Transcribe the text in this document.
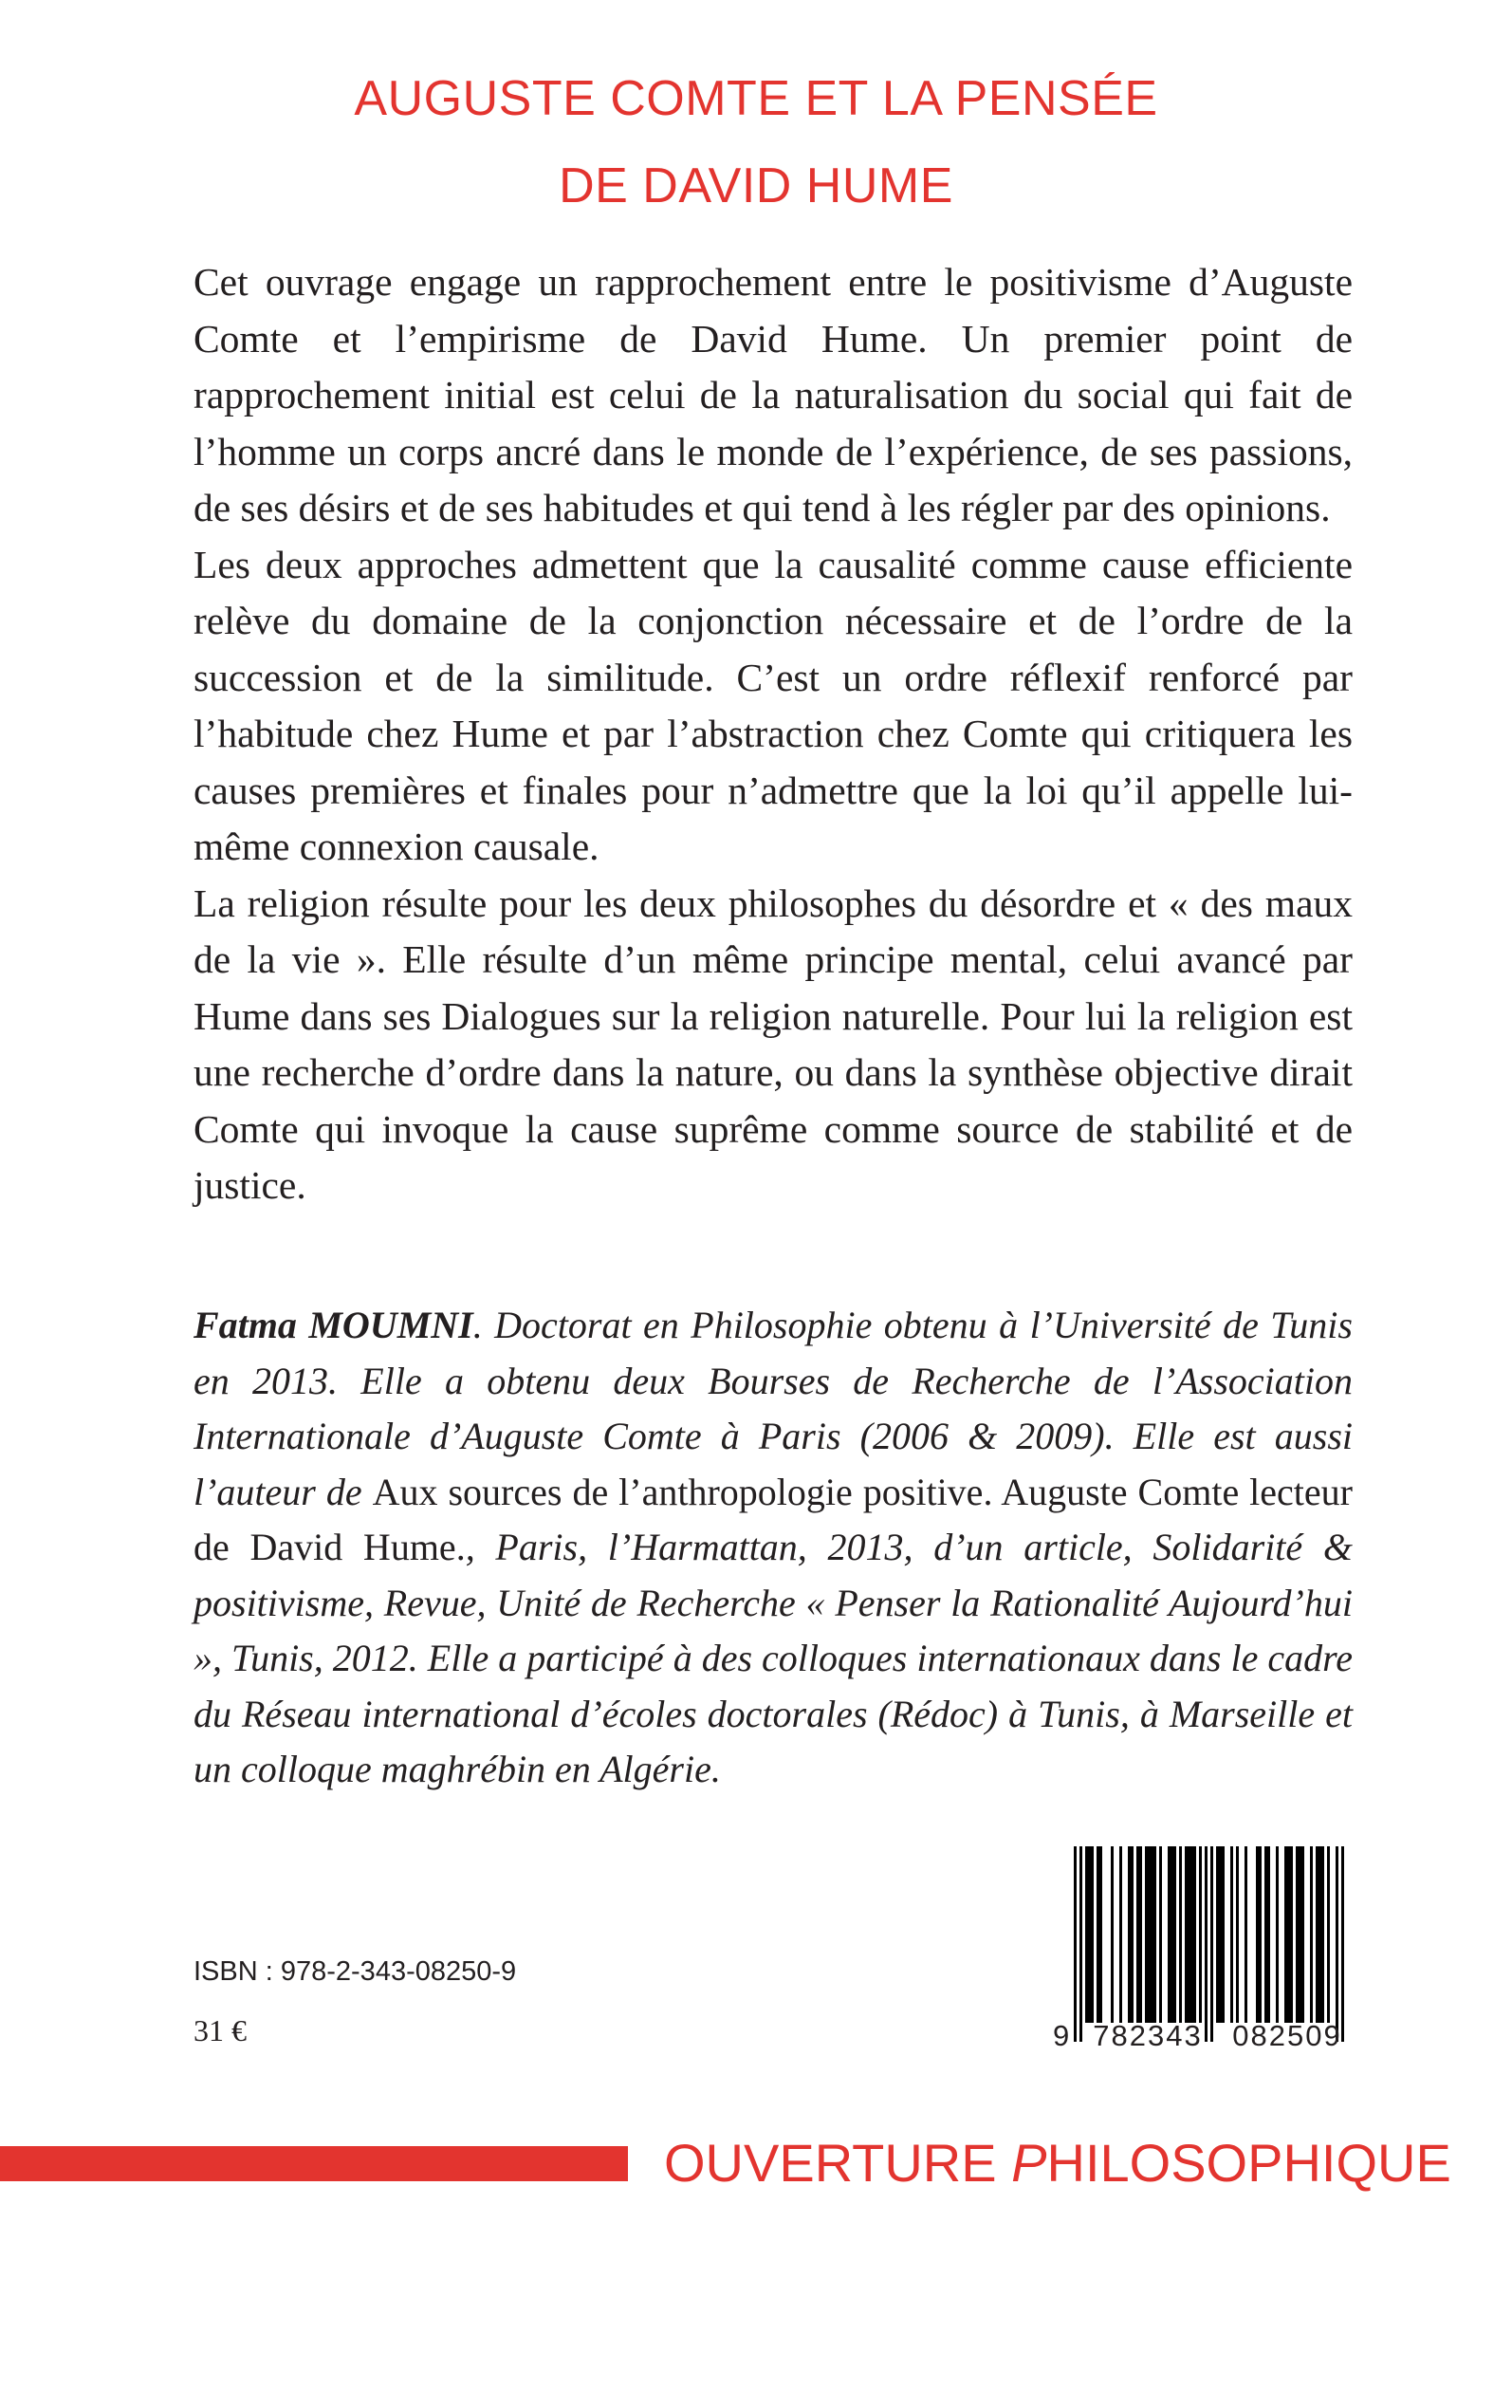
AUGUSTE COMTE ET LA PENSÉE
DE DAVID HUME

Cet ouvrage engage un rapprochement entre le positivisme d’Auguste Comte et l’empirisme de David Hume. Un premier point de rapprochement initial est celui de la naturalisation du social qui fait de l’homme un corps ancré dans le monde de l’expérience, de ses passions, de ses désirs et de ses habitudes et qui tend à les régler par des opinions.

Les deux approches admettent que la causalité comme cause efficiente relève du domaine de la conjonction nécessaire et de l’ordre de la succession et de la similitude. C’est un ordre réflexif renforcé par l’habitude chez Hume et par l’abstraction chez Comte qui critiquera les causes premières et finales pour n’admettre que la loi qu’il appelle lui-même connexion causale.

La religion résulte pour les deux philosophes du désordre et « des maux de la vie ». Elle résulte d’un même principe mental, celui avancé par Hume dans ses Dialogues sur la religion naturelle. Pour lui la religion est une recherche d’ordre dans la nature, ou dans la synthèse objective dirait Comte qui invoque la cause suprême comme source de stabilité et de justice.

Fatma MOUMNI. Doctorat en Philosophie obtenu à l’Université de Tunis en 2013. Elle a obtenu deux Bourses de Recherche de l’Association Internationale d’Auguste Comte à Paris (2006 & 2009). Elle est aussi l’auteur de Aux sources de l’anthropologie positive. Auguste Comte lecteur de David Hume., Paris, l’Harmattan, 2013, d’un article, Solidarité & positivisme, Revue, Unité de Recherche « Penser la Rationalité Aujourd’hui », Tunis, 2012. Elle a participé à des colloques internationaux dans le cadre du Réseau international d’écoles doctorales (Rédoc) à Tunis, à Marseille et un colloque maghrébin en Algérie.
ISBN : 978-2-343-08250-9
31 €	9 782343	082509
OUVERTURE PHILOSOPHIQUE
